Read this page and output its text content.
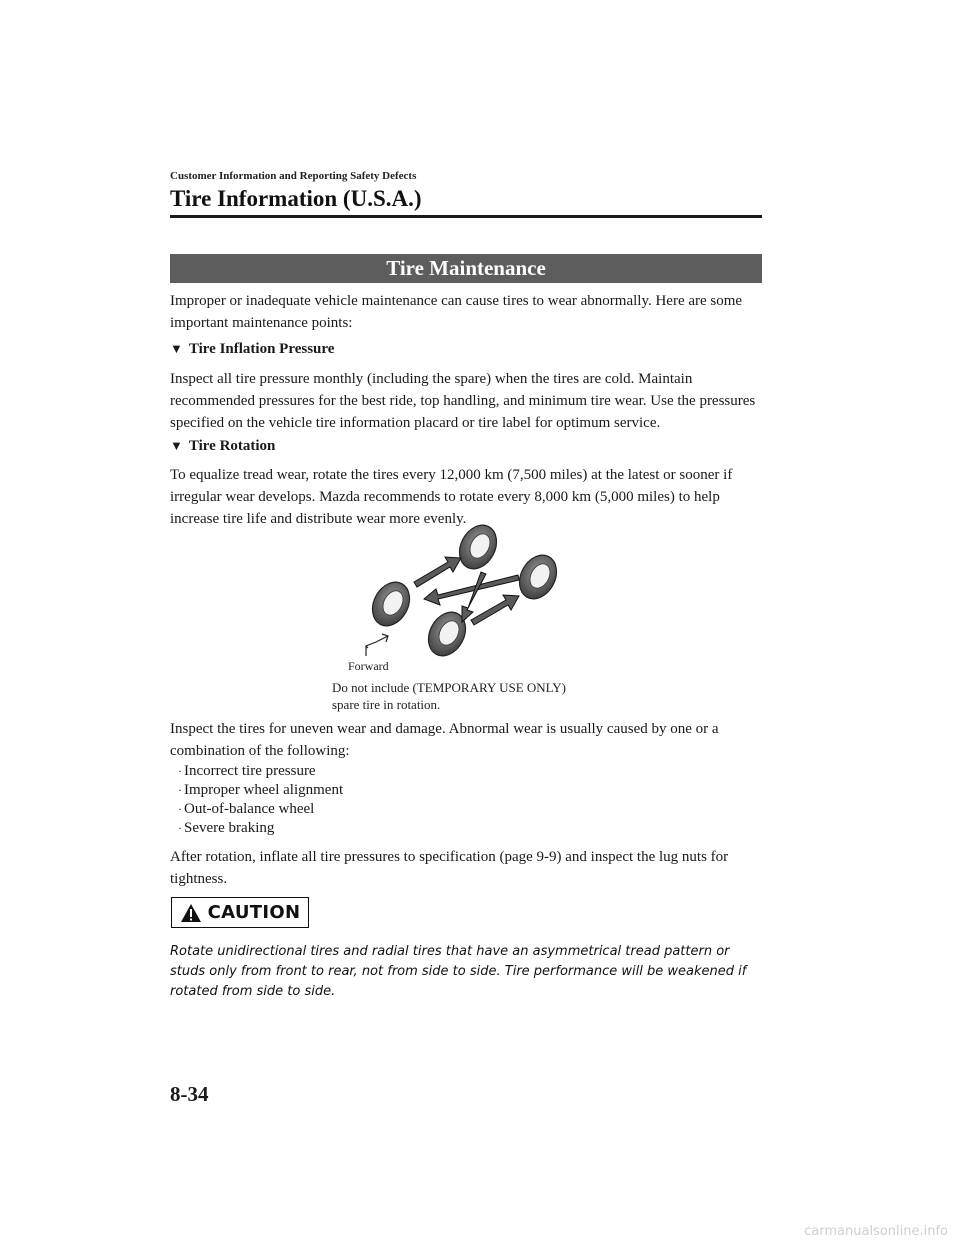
Customer Information and Reporting Safety Defects
Tire Information (U.S.A.)
Tire Maintenance
Improper or inadequate vehicle maintenance can cause tires to wear abnormally. Here are some important maintenance points:
▼ Tire Inflation Pressure
Inspect all tire pressure monthly (including the spare) when the tires are cold. Maintain recommended pressures for the best ride, top handling, and minimum tire wear. Use the pressures specified on the vehicle tire information placard or tire label for optimum service.
▼ Tire Rotation
To equalize tread wear, rotate the tires every 12,000 km (7,500 miles) at the latest or sooner if irregular wear develops. Mazda recommends to rotate every 8,000 km (5,000 miles) to help increase tire life and distribute wear more evenly.
Forward
Do not include (TEMPORARY USE ONLY)
spare tire in rotation.
Inspect the tires for uneven wear and damage. Abnormal wear is usually caused by one or a combination of the following:
· Incorrect tire pressure
· Improper wheel alignment
· Out-of-balance wheel
· Severe braking
After rotation, inflate all tire pressures to specification (page 9-9) and inspect the lug nuts for tightness.
CAUTION
Rotate unidirectional tires and radial tires that have an asymmetrical tread pattern or studs only from front to rear, not from side to side. Tire performance will be weakened if rotated from side to side.
8-34
carmanualsonline.info
